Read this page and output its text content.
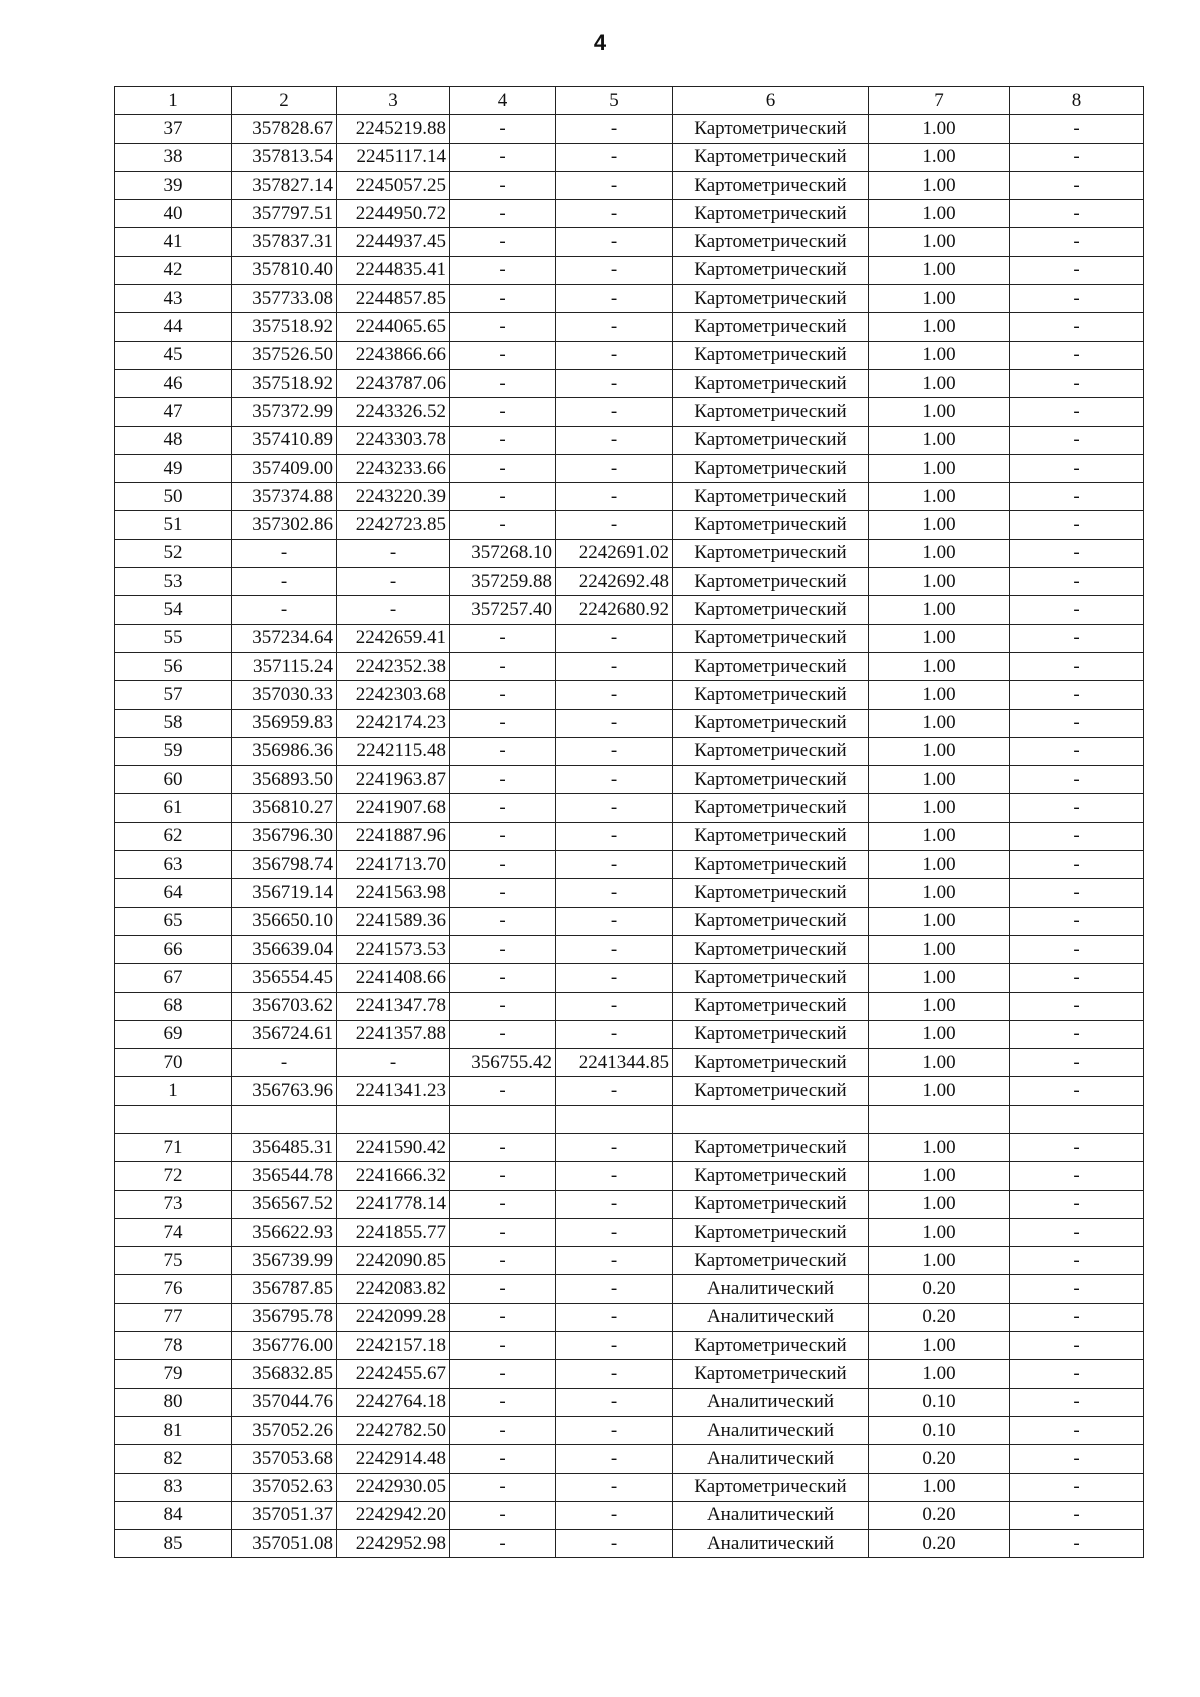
4
1	2	3	4	5	6	7	8
37	357828.67	2245219.88	-	-	Картометрический	1.00	-
38	357813.54	2245117.14	-	-	Картометрический	1.00	-
39	357827.14	2245057.25	-	-	Картометрический	1.00	-
40	357797.51	2244950.72	-	-	Картометрический	1.00	-
41	357837.31	2244937.45	-	-	Картометрический	1.00	-
42	357810.40	2244835.41	-	-	Картометрический	1.00	-
43	357733.08	2244857.85	-	-	Картометрический	1.00	-
44	357518.92	2244065.65	-	-	Картометрический	1.00	-
45	357526.50	2243866.66	-	-	Картометрический	1.00	-
46	357518.92	2243787.06	-	-	Картометрический	1.00	-
47	357372.99	2243326.52	-	-	Картометрический	1.00	-
48	357410.89	2243303.78	-	-	Картометрический	1.00	-
49	357409.00	2243233.66	-	-	Картометрический	1.00	-
50	357374.88	2243220.39	-	-	Картометрический	1.00	-
51	357302.86	2242723.85	-	-	Картометрический	1.00	-
52	-	-	357268.10	2242691.02	Картометрический	1.00	-
53	-	-	357259.88	2242692.48	Картометрический	1.00	-
54	-	-	357257.40	2242680.92	Картометрический	1.00	-
55	357234.64	2242659.41	-	-	Картометрический	1.00	-
56	357115.24	2242352.38	-	-	Картометрический	1.00	-
57	357030.33	2242303.68	-	-	Картометрический	1.00	-
58	356959.83	2242174.23	-	-	Картометрический	1.00	-
59	356986.36	2242115.48	-	-	Картометрический	1.00	-
60	356893.50	2241963.87	-	-	Картометрический	1.00	-
61	356810.27	2241907.68	-	-	Картометрический	1.00	-
62	356796.30	2241887.96	-	-	Картометрический	1.00	-
63	356798.74	2241713.70	-	-	Картометрический	1.00	-
64	356719.14	2241563.98	-	-	Картометрический	1.00	-
65	356650.10	2241589.36	-	-	Картометрический	1.00	-
66	356639.04	2241573.53	-	-	Картометрический	1.00	-
67	356554.45	2241408.66	-	-	Картометрический	1.00	-
68	356703.62	2241347.78	-	-	Картометрический	1.00	-
69	356724.61	2241357.88	-	-	Картометрический	1.00	-
70	-	-	356755.42	2241344.85	Картометрический	1.00	-
1	356763.96	2241341.23	-	-	Картометрический	1.00	-

71	356485.31	2241590.42	-	-	Картометрический	1.00	-
72	356544.78	2241666.32	-	-	Картометрический	1.00	-
73	356567.52	2241778.14	-	-	Картометрический	1.00	-
74	356622.93	2241855.77	-	-	Картометрический	1.00	-
75	356739.99	2242090.85	-	-	Картометрический	1.00	-
76	356787.85	2242083.82	-	-	Аналитический	0.20	-
77	356795.78	2242099.28	-	-	Аналитический	0.20	-
78	356776.00	2242157.18	-	-	Картометрический	1.00	-
79	356832.85	2242455.67	-	-	Картометрический	1.00	-
80	357044.76	2242764.18	-	-	Аналитический	0.10	-
81	357052.26	2242782.50	-	-	Аналитический	0.10	-
82	357053.68	2242914.48	-	-	Аналитический	0.20	-
83	357052.63	2242930.05	-	-	Картометрический	1.00	-
84	357051.37	2242942.20	-	-	Аналитический	0.20	-
85	357051.08	2242952.98	-	-	Аналитический	0.20	-
